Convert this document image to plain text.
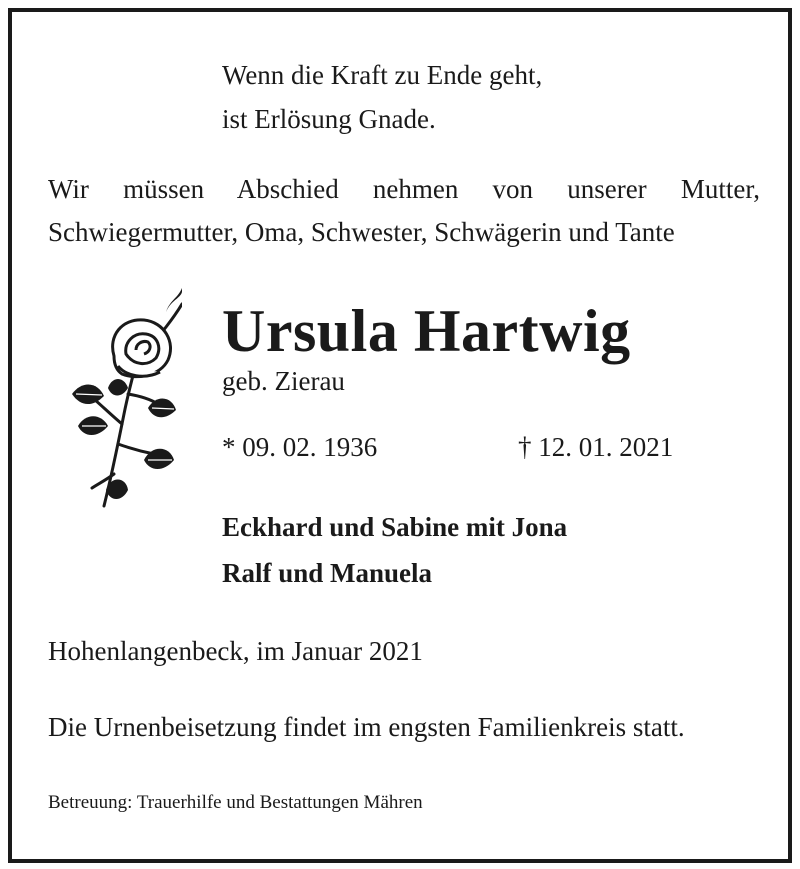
Wenn die Kraft zu Ende geht,
ist Erlösung Gnade.
Wir müssen Abschied nehmen von unserer Mutter,
Schwiegermutter, Oma, Schwester, Schwägerin und Tante
Ursula Hartwig
geb. Zierau
* 09. 02. 1936	† 12. 01. 2021
Eckhard und Sabine mit Jona
Ralf und Manuela
Hohenlangenbeck, im Januar 2021
Die Urnenbeisetzung findet im engsten Familienkreis statt.
Betreuung: Trauerhilfe und Bestattungen Mähren
